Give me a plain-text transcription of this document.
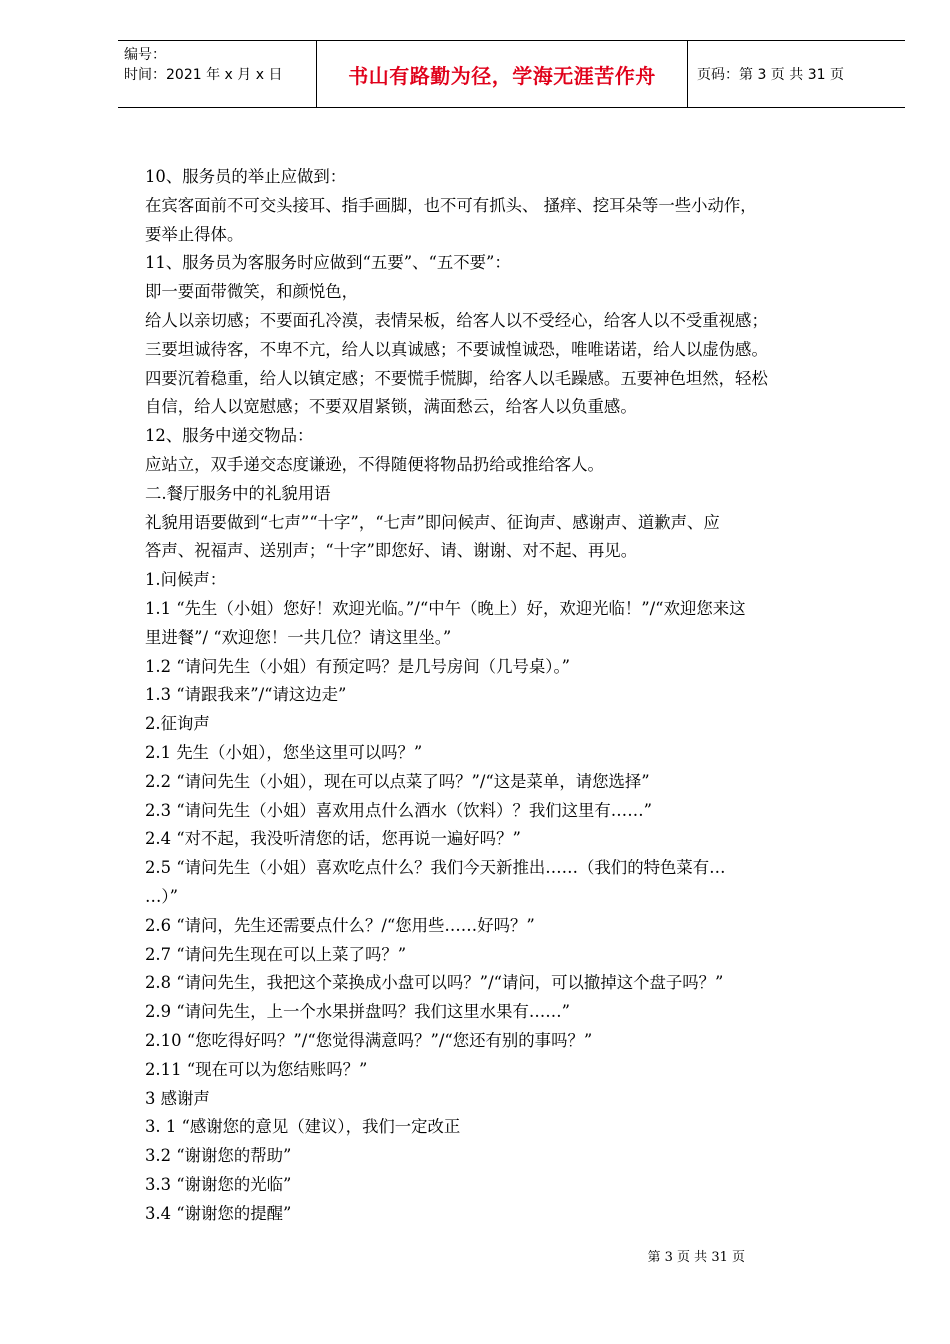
编号：
时间：2021 年 x 月 x 日	书山有路勤为径，学海无涯苦作舟	页码：第 3 页 共 31 页
10、服务员的举止应做到：
在宾客面前不可交头接耳、指手画脚，也不可有抓头、 搔痒、挖耳朵等一些小动作，
要举止得体。
11、服务员为客服务时应做到“五要”、“五不要”：
即一要面带微笑，和颜悦色，
给人以亲切感；不要面孔冷漠，表情呆板，给客人以不受经心，给客人以不受重视感；
三要坦诚待客，不卑不亢，给人以真诚感；不要诚惶诚恐，唯唯诺诺，给人以虚伪感。
四要沉着稳重，给人以镇定感；不要慌手慌脚，给客人以毛躁感。五要神色坦然，轻松
自信，给人以宽慰感；不要双眉紧锁，满面愁云，给客人以负重感。
12、服务中递交物品：
应站立，双手递交态度谦逊，不得随便将物品扔给或推给客人。
二.餐厅服务中的礼貌用语
礼貌用语要做到“七声”“十字”，“七声”即问候声、征询声、感谢声、道歉声、应
答声、祝福声、送别声；“十字”即您好、请、谢谢、对不起、再见。
1.问候声：
1.1 “先生（小姐）您好！欢迎光临。”/“中午（晚上）好，欢迎光临！”/“欢迎您来这
里进餐”/ “欢迎您！一共几位？请这里坐。”
1.2 “请问先生（小姐）有预定吗？是几号房间（几号桌）。”
1.3 “请跟我来”/“请这边走”
2.征询声
2.1 先生（小姐），您坐这里可以吗？”
2.2 “请问先生（小姐），现在可以点菜了吗？”/“这是菜单，请您选择”
2.3 “请问先生（小姐）喜欢用点什么酒水（饮料）？我们这里有……”
2.4 “对不起，我没听清您的话，您再说一遍好吗？”
2.5 “请问先生（小姐）喜欢吃点什么？我们今天新推出……（我们的特色菜有…
…）”
2.6 “请问，先生还需要点什么？/“您用些……好吗？”
2.7 “请问先生现在可以上菜了吗？”
2.8 “请问先生，我把这个菜换成小盘可以吗？”/“请问，可以撤掉这个盘子吗？”
2.9 “请问先生，上一个水果拼盘吗？我们这里水果有……”
2.10 “您吃得好吗？”/“您觉得满意吗？”/“您还有别的事吗？”
2.11 “现在可以为您结账吗？”
3 感谢声
3. 1 “感谢您的意见（建议），我们一定改正
3.2 “谢谢您的帮助”
3.3 “谢谢您的光临”
3.4 “谢谢您的提醒”
第 3 页 共 31 页
